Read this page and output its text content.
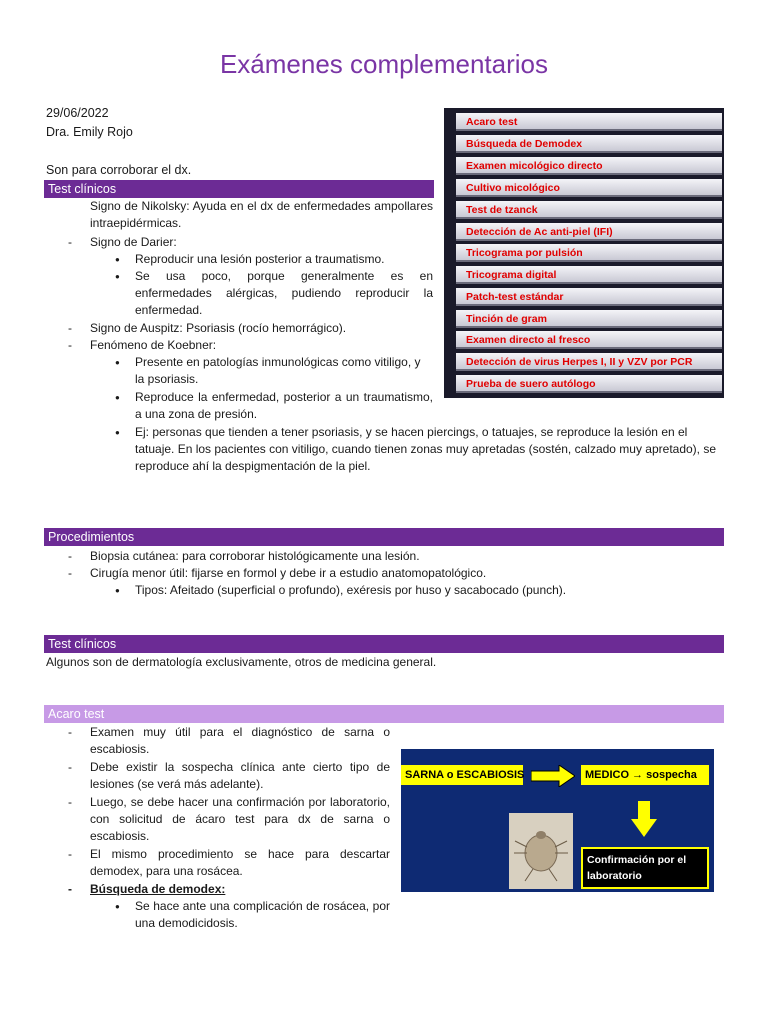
Exámenes complementarios
29/06/2022
Dra. Emily Rojo
Son para corroborar el dx.
Test clínicos
Signo de Nikolsky: Ayuda en el dx de enfermedades ampollares intraepidérmicas.
- Signo de Darier:
● Reproducir una lesión posterior a traumatismo.
● Se usa poco, porque generalmente es en enfermedades alérgicas, pudiendo reproducir la enfermedad.
- Signo de Auspitz: Psoriasis (rocío hemorrágico).
- Fenómeno de Koebner:
● Presente en patologías inmunológicas como vitiligo, y la psoriasis.
● Reproduce la enfermedad, posterior a un traumatismo, a una zona de presión.
● Ej: personas que tienden a tener psoriasis, y se hacen piercings, o tatuajes, se reproduce la lesión en el tatuaje. En los pacientes con vitiligo, cuando tienen zonas muy apretadas (sostén, calzado muy apretado), se reproduce ahí la despigmentación de la piel.
Acaro test
Búsqueda de Demodex
Examen micológico directo
Cultivo micológico
Test de tzanck
Detección de Ac anti-piel (IFI)
Tricograma por pulsión
Tricograma digital
Patch-test estándar
Tinción de gram
Examen directo al fresco
Detección de virus Herpes I, II y VZV por PCR
Prueba de suero autólogo
Procedimientos
- Biopsia cutánea: para corroborar histológicamente una lesión.
- Cirugía menor útil: fijarse en formol y debe ir a estudio anatomopatológico.
● Tipos: Afeitado (superficial o profundo), exéresis por huso y sacabocado (punch).
Test clínicos
Algunos son de dermatología exclusivamente, otros de medicina general.
Acaro test
- Examen muy útil para el diagnóstico de sarna o escabiosis.
- Debe existir la sospecha clínica ante cierto tipo de lesiones (se verá más adelante).
- Luego, se debe hacer una confirmación por laboratorio, con solicitud de ácaro test para dx de sarna o escabiosis.
- El mismo procedimiento se hace para descartar demodex, para una rosácea.
- Búsqueda de demodex:
● Se hace ante una complicación de rosácea, por una demodicidosis.
SARNA o ESCABIOSIS	MEDICO → sospecha
Confirmación por el laboratorio
